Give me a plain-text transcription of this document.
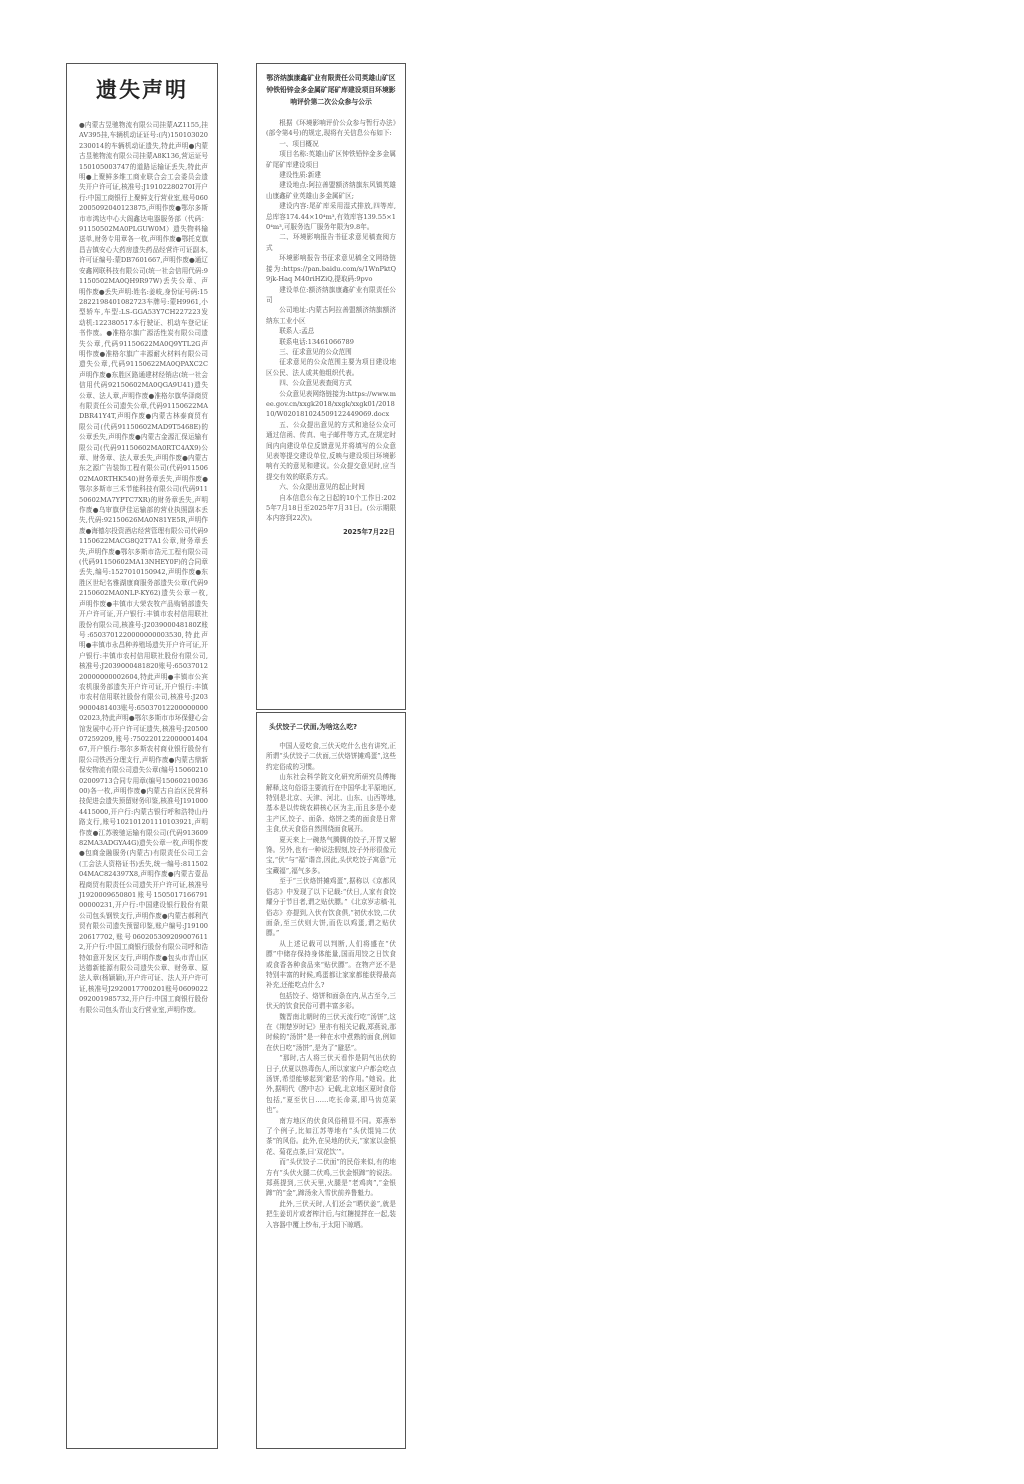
遗失声明
●内蒙古昱驰物流有限公司挂蒙AZ1155,挂AV395挂,车辆机动证证号:(内)150103020230014的车辆机动证遗失,特此声明●内蒙古昱驰物流有限公司挂蒙A8K136,营运证号150105003747的道路运输证丢失,特此声明●上聚鲜多维工商业联合会工会委员会遗失开户许可证,核准号:J19102280270I开户行:中国工商银行上聚鲜支行营业室,账号0602005092040123875,声明作废●鄂尔多斯市市鸿达中心大阁鑫达电器服务部（代码：91150502MA0PLGUW0M）遗失物料输送单,财务专用章各一枚,声明作废●鄂托克旗昌吉镇安心大药房遗失药品经营许可证副本,许可证编号:蒙DB7601667,声明作废●通辽安鑫网联科技有限公司(统一社会信用代码:91150502MA0QH9R97W)丢失公章、声明作废●丢失声明:姓名:姜岐,身份证号码:152822198401082723车牌号:蒙H9961,小型轿车,车型:LS-GGA53Y7CH227223发动机:122380517本行驶证、机动车登记证书作废。●准格尔旗广源活性炭有限公司遗失公章,代码91150622MA0Q9YTL2G声明作废●准格尔旗广丰源耐火材料有限公司遗失公章,代码91150622MA0QPAXC2C声明作废●东胜区路通建材经销店(统一社会信用代码92150602MA0QGA9U41)遗失公章、法人章,声明作废●准格尔旗华泽商贸有限责任公司遗失公章,代码91150622MADBR41Y4T,声明作废●内蒙古林泰商贸有限公司(代码91150602MAD9T5468E)的公章丢失,声明作废●内蒙古金源汇保运输有限公司(代码91150602MA0RTC4AX9)公章、财务章、法人章丢失,声明作废●内蒙古东之源广告装饰工程有限公司(代码91150602MA0RTHK540)财务章丢失,声明作废●鄂尔多斯市三禾节能科技有限公司(代码91150602MA7YPTC7XR)的财务章丢失,声明作废●乌审旗伊佳运输部的营业执照副本丢失,代码:92150626MA0N81YE5R,声明作废●海德尔投资酒店经营管理有限公司代码91150622MACG8Q2T7A1公章,财务章丢失,声明作废●鄂尔多斯市浩元工程有限公司(代码91150602MA13NHEY0F)的合同章丢失,编号:1527010150942,声明作废●东胜区世纪名雅湖康商服务部遗失公章(代码92150602MA0NLP-KY62)遗失公章一枚,声明作废●丰镇市大荣农牧产品购销部遗失开户许可证,开户银行:丰镇市农村信用联社股份有限公司,核准号:J203900048180Z账号:6503701220000000003530,特此声明●丰镇市永昌种养殖场遗失开户许可证,开户银行:丰镇市农村信用联社股份有限公司,核准号:J2039000481820账号:6503701220000000002604,特此声明●丰镇市公宾农机服务部遗失开户许可证,开户银行:丰镇市农村信用联社股份有限公司,核准号:J2039000481403账号:6503701220000000002023,特此声明●鄂尔多斯市市环保健心会馆发展中心开户许可证遗失,核准号:J2050007259209,账号:75022012200000140467,开户银行:鄂尔多斯农村商业银行股份有限公司铁西分理支行,声明作废●内蒙古鼎新保安物流有限公司遗失公章(编号1506021002009713合同专用章(编号1506021003600)各一枚,声明作废●内蒙古自治区民营科技促进会遗失预留财务印鉴,核准号J1910004415000,开户行:内蒙古银行呼和浩特山丹路支行,账号102101201110103921,声明作废●江苏骏驰运输有限公司(代码91360982MA3ADGYA4G)遗失公章一枚,声明作废●包商金融服务(内蒙古)有限责任公司工会(工会法人资格证书)丢失,统一编号:81150204MAC824397X8,声明作废●内蒙古壹品程商贸有限责任公司遗失开户许可证,核准号J1920009650801账号150501716679100000231,开户行:中国建设银行股份有限公司包头钢铁支行,声明作废●内蒙古郝利汽贸有限公司遗失预留印鉴,账户编号:J1910020617702,账号0602053092090076112,开户行:中国工商银行股份有限公司呼和浩特如意开发区支行,声明作废●包头市青山区达德新能源有限公司遗失公章、财务章、原法人章(杨颖颖),开户许可证、法人开户许可证,核准号J2920017700201账号0609022092001985732,开户行:中国工商银行股份有限公司包头青山支行营业室,声明作废。
鄂济纳旗康鑫矿业有限责任公司英雄山矿区钟铁铅锌金多金属矿尾矿库建设项目环境影响评价第二次公众参与公示

根据《环境影响评价公众参与暂行办法》(部令第4号)的规定,现将有关信息公布如下:

一、项目概况

项目名称:英雄山矿区钟铁铅锌金多金属矿尾矿库建设项目

建设性质:新建

建设地点:阿拉善盟额济纳旗东风镇英雄山康鑫矿业英雄山多金属矿区;

建设内容:尾矿库采用湿式排放,四等库,总库容174.44×10⁴m³,有效库容139.55×10⁴m³,可服务选厂服务年限为9.8年。

二、环境影响报告书征求意见稿查阅方式

环境影响报告书征求意见稿全文网络链接为:https://pan.baidu.com/s/1WnPktQ9jk-Haq M40riHZiQ,提取码:9pvo

建设单位:额济纳旗康鑫矿业有限责任公司

公司地址:内蒙古阿拉善盟额济纳旗额济纳东工业小区

联系人:孟总

联系电话:13461066789

三、征求意见的公众范围

征求意见的公众范围主要为项目建设地区公民、法人或其他组织代表。

四、公众意见表查阅方式

公众意见表网络链接为:https://www.mee.gov.cn/xxgk2018/xxgk/xxgk01/201810/W020181024509122449069.docx

五、公众提出意见的方式和途径公众可通过信函、传真、电子邮件等方式,在规定时间内向建设单位反馈意见并将填写的公众意见表等提交建设单位,反映与建设项目环境影响有关的意见和建议。公众提交意见时,应当提交有效的联系方式。

六、公众提出意见的起止时间

自本信息公布之日起的10个工作日:2025年7月18日至2025年7月31日。(公示期限本内容到22次)。

2025年7月22日
头伏饺子二伏面,为啥这么吃?

中国人爱吃食,三伏天吃什么也有讲究,正所谓“头伏饺子二伏面,三伏烙饼摊鸡蛋”,这些约定俗成的习惯。

山东社会科学院文化研究所研究员傅梅解释,这句俗语主要流行在中国华北平原地区,特别是北京、天津、河北、山东、山西等地,基本是以传统农耕核心区为主,而且多是小麦主产区,饺子、面条、烙饼之类的面食是日常主食,伏天食俗自然围绕面食展开。

夏天来上一碗热气腾腾的饺子,开胃又解馋。另外,也有一种说法假刻,饺子外形很像元宝,“伏”与“福”谐音,因此,头伏吃饺子寓意“元宝藏福”,福气多多。

至于“三伏烙饼摊鸡蛋”,据称以《京都风俗志》中发现了以下记载:“伏日,人家有食饺耀分于节目者,谓之贴伏膘。”《北京岁志稿·礼俗志》亦提到,入伏有饮食俱,“初伏水饺,二伏面条,至三伏则大饼,而佐以鸡蛋,谓之贴伏膘。”

从上述记载可以判断,人们将盛在“伏膘”中储存保持身体能量,国而用饺之日饮食或食香各种食品来“贴伏膘”。在物产还不是特别丰富的时候,鸡蛋都让家家都能获得最高补充,还能吃点什么?

包括饺子、烙饼和面条在内,从古至今,三伏天的饮食民俗可谓丰富多彩。

魏晋南北朝时的三伏天流行吃“汤饼”,这在《荆楚岁时记》里亦有相关记载,郑燕说,那时候的“汤饼”是一种在水中煮熟的面食,例如在伏日吃“汤饼”,是为了“避恶”。

“那时,古人将三伏天看作是阴气出伏的日子,伏夏以热毒伤人,所以家家户户都会吃点汤饼,希望能够起到‘避恶’的作用。”她说。此外,据明代《酌中志》记载,北京地区夏时食俗包括,“夏至伏日……吃长命菜,即马齿苋菜也”。

南方地区的伏食风俗稍显不同。郑燕举了个例子,比如江苏等地有“头伏馄饨二伏茶”的风俗。此外,在吴地的伏天,“家家以金银花、菊花点茶,曰‘双花饮’”。

而“头伏饺子二伏面”的民俗来似,有的地方有“头伏火腿二伏鸡,三伏金银蹄”的说法。郑燕提到,三伏天里,火腿是“老鸡肉”,“金银蹄”的“金”,蹄汤汆入雪伏前养鲁魁力。

此外,三伏天时,人们还会“晒伏姜”,就是把生姜切片或者榨汁后,与红糖搅拌在一起,装入容器中覆上纱布,于太阳下晾晒。
